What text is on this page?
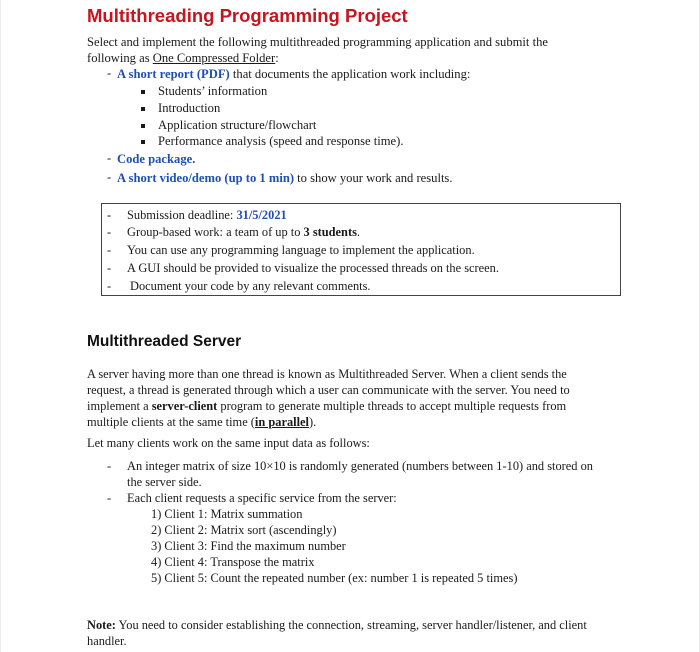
Multithreading Programming Project
Select and implement the following multithreaded programming application and submit the
following as One Compressed Folder:
- A short report (PDF) that documents the application work including:
Students’ information
Introduction
Application structure/flowchart
Performance analysis (speed and response time).
- Code package.
- A short video/demo (up to 1 min) to show your work and results.
- Submission deadline: 31/5/2021
- Group-based work: a team of up to 3 students.
- You can use any programming language to implement the application.
- A GUI should be provided to visualize the processed threads on the screen.
- Document your code by any relevant comments.
Multithreaded Server
A server having more than one thread is known as Multithreaded Server. When a client sends the
request, a thread is generated through which a user can communicate with the server. You need to
implement a server-client program to generate multiple threads to accept multiple requests from
multiple clients at the same time (in parallel).
Let many clients work on the same input data as follows:
- An integer matrix of size 10×10 is randomly generated (numbers between 1-10) and stored on
the server side.
- Each client requests a specific service from the server:
1) Client 1: Matrix summation
2) Client 2: Matrix sort (ascendingly)
3) Client 3: Find the maximum number
4) Client 4: Transpose the matrix
5) Client 5: Count the repeated number (ex: number 1 is repeated 5 times)
Note: You need to consider establishing the connection, streaming, server handler/listener, and client
handler.
